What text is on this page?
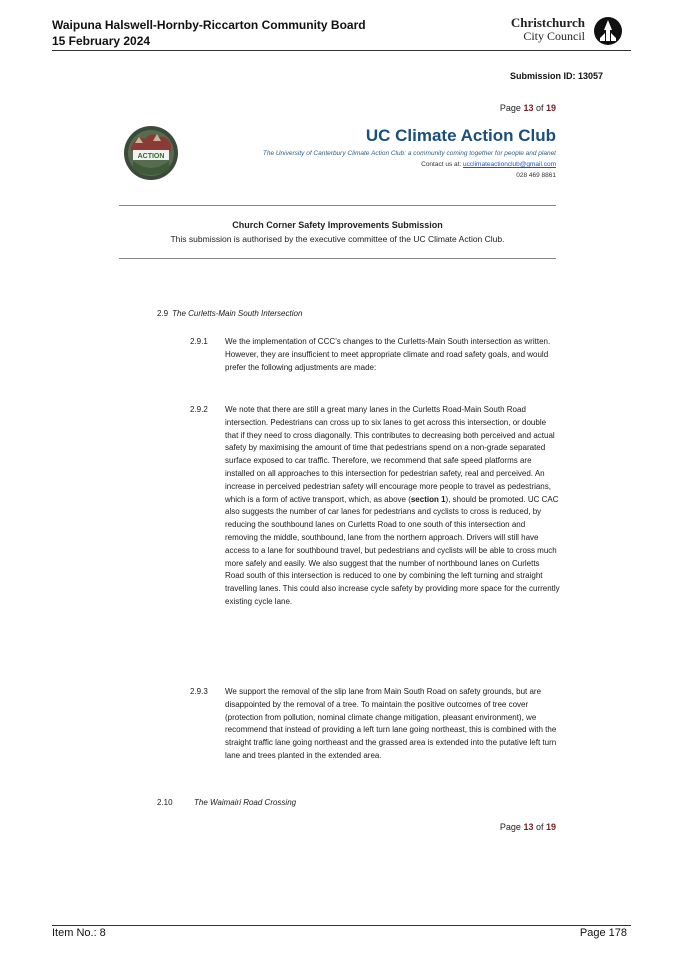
Waipuna Halswell-Hornby-Riccarton Community Board
15 February 2024
Christchurch
City Council
Submission ID: 13057
Page 13 of 19
ACTION
UC Climate Action Club
The University of Canterbury Climate Action Club: a community coming together for people and planet
Contact us at: ucclimateactionclub@gmail.com
028 469 8861
Church Corner Safety Improvements Submission
This submission is authorised by the executive committee of the UC Climate Action Club.
2.9 The Curletts-Main South Intersection
2.9.1 We the implementation of CCC’s changes to the Curletts-Main South intersection as written. However, they are insufficient to meet appropriate climate and road safety goals, and would prefer the following adjustments are made:
2.9.2 We note that there are still a great many lanes in the Curletts Road-Main South Road intersection. Pedestrians can cross up to six lanes to get across this intersection, or double that if they need to cross diagonally. This contributes to decreasing both perceived and actual safety by maximising the amount of time that pedestrians spend on a non-grade separated surface exposed to car traffic. Therefore, we recommend that safe speed platforms are installed on all approaches to this intersection for pedestrian safety, real and perceived. An increase in perceived pedestrian safety will encourage more people to travel as pedestrians, which is a form of active transport, which, as above (section 1), should be promoted. UC CAC also suggests the number of car lanes for pedestrians and cyclists to cross is reduced, by reducing the southbound lanes on Curletts Road to one south of this intersection and removing the middle, southbound, lane from the northern approach. Drivers will still have access to a lane for southbound travel, but pedestrians and cyclists will be able to cross much more safely and easily. We also suggest that the number of northbound lanes on Curletts Road south of this intersection is reduced to one by combining the left turning and straight travelling lanes. This could also increase cycle safety by providing more space for the currently existing cycle lane.
2.9.3 We support the removal of the slip lane from Main South Road on safety grounds, but are disappointed by the removal of a tree. To maintain the positive outcomes of tree cover (protection from pollution, nominal climate change mitigation, pleasant environment), we recommend that instead of providing a left turn lane going northeast, this is combined with the straight traffic lane going northeast and the grassed area is extended into the putative left turn lane and trees planted in the extended area.
2.10	The Waimairi Road Crossing
Page 13 of 19
Item No.: 8	Page 178
